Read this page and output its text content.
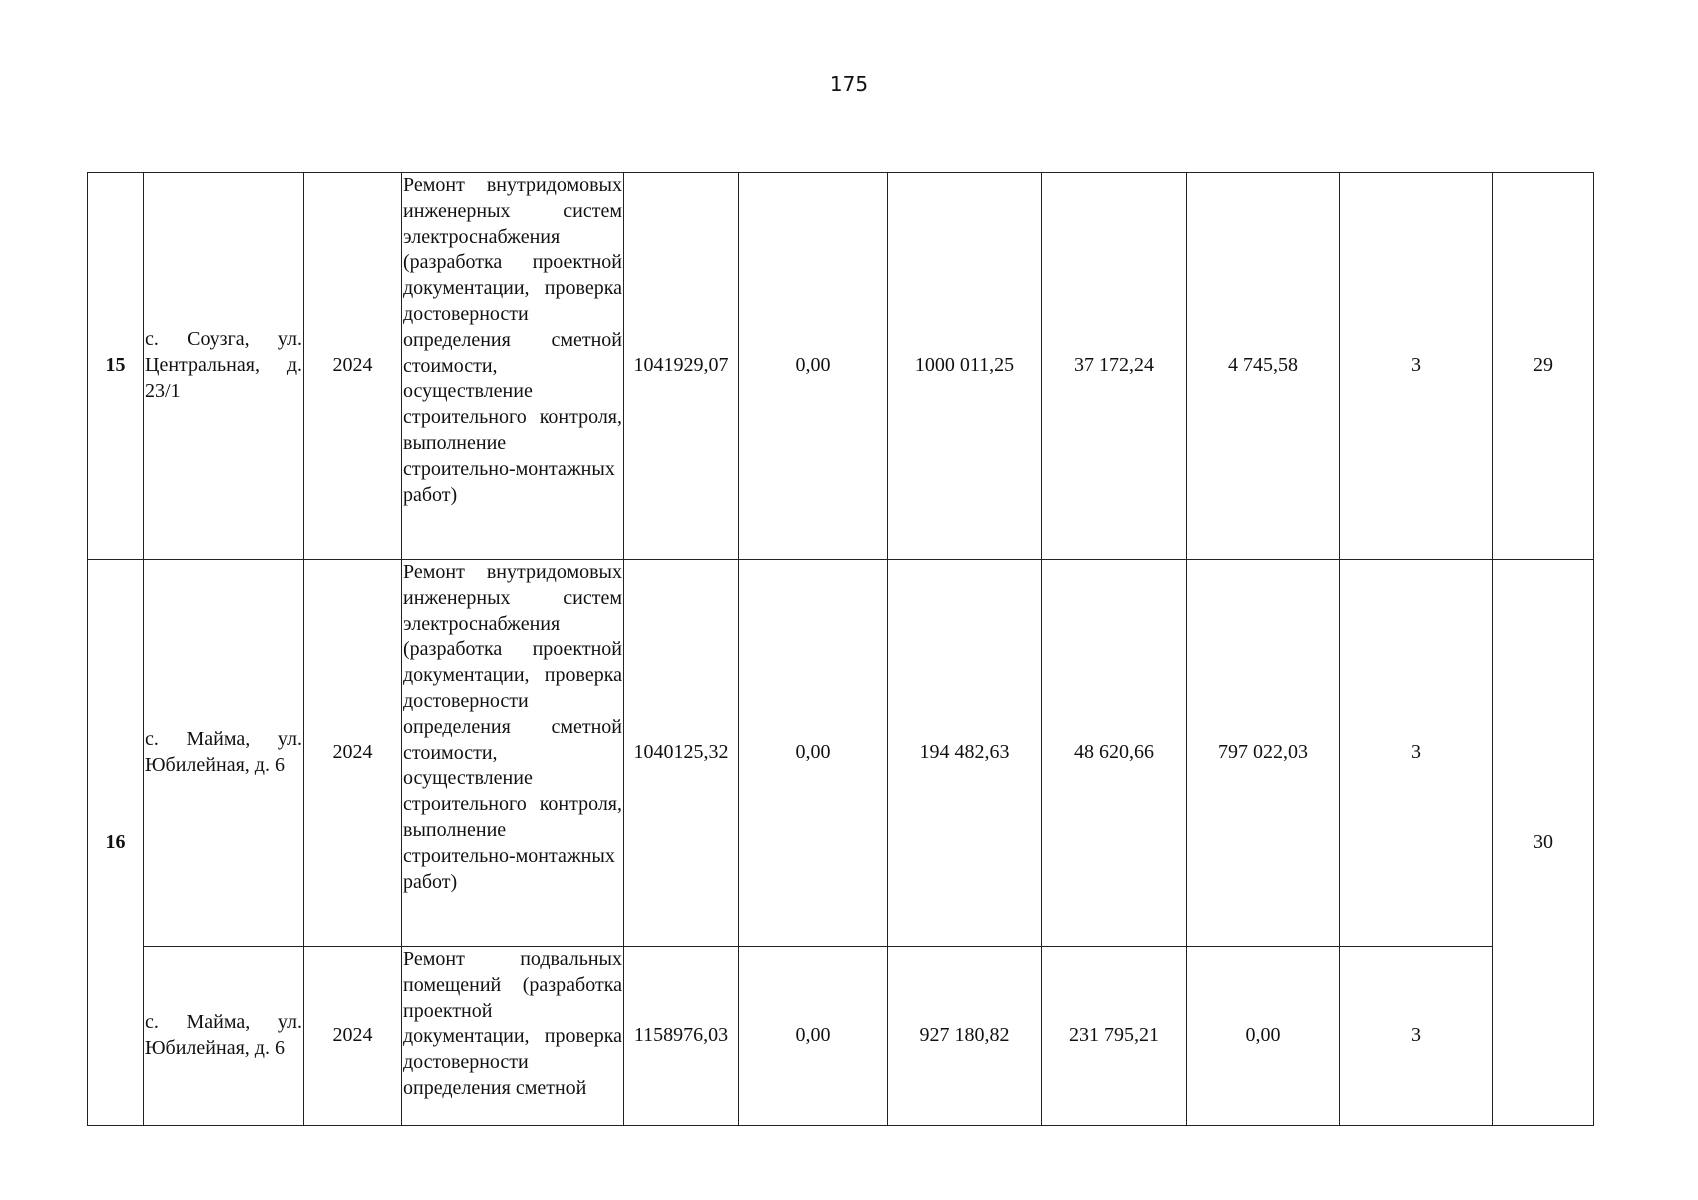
175
15	с. Соузга, ул. Центральная, д. 23/1	2024	Ремонт внутридомовых инженерных систем электроснабжения (разработка проектной документации, проверка достоверности определения сметной стоимости, осуществление строительного контроля, выполнение строительно-монтажных работ)	1041929,07	0,00	1000 011,25	37 172,24	4 745,58	3	29
16	с. Майма, ул. Юбилейная, д. 6	2024	Ремонт внутридомовых инженерных систем электроснабжения (разработка проектной документации, проверка достоверности определения сметной стоимости, осуществление строительного контроля, выполнение строительно-монтажных работ)	1040125,32	0,00	194 482,63	48 620,66	797 022,03	3	30
	с. Майма, ул. Юбилейная, д. 6	2024	Ремонт подвальных помещений (разработка проектной документации, проверка достоверности определения сметной	1158976,03	0,00	927 180,82	231 795,21	0,00	3	
